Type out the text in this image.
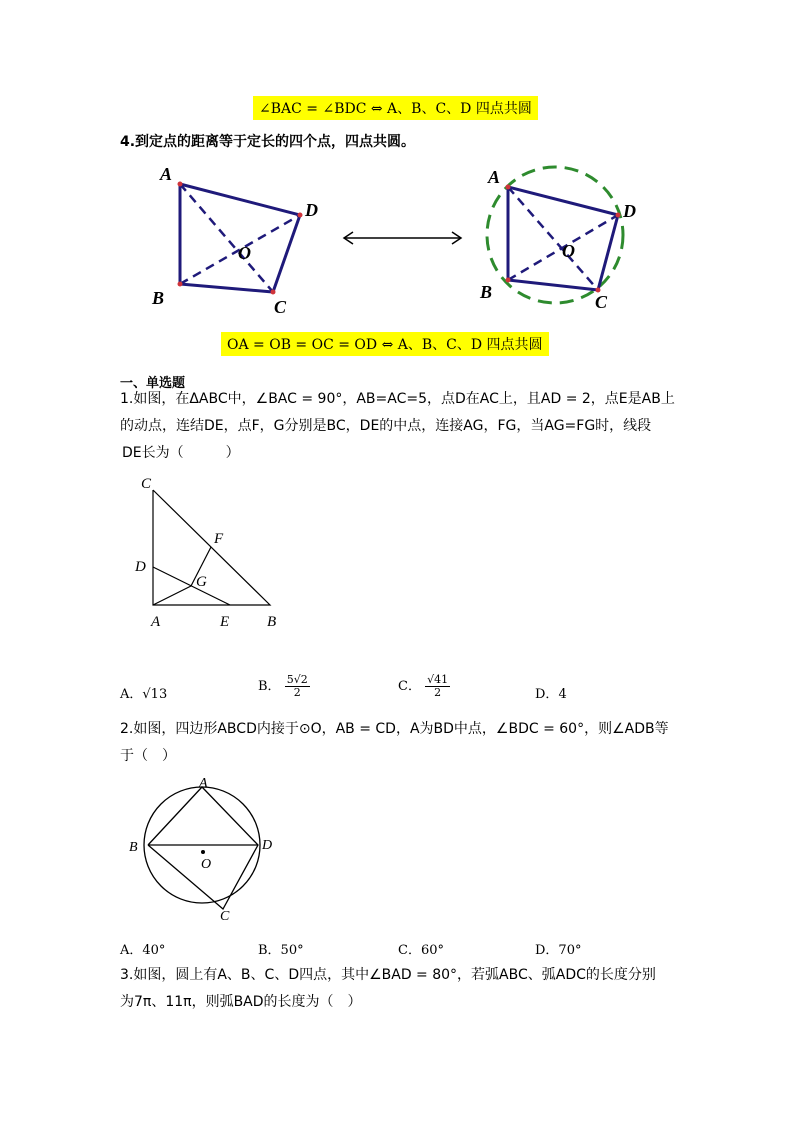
∠BAC = ∠BDC ⇔ A、B、C、D 四点共圆
4.到定点的距离等于定长的四个点，四点共圆。
A
D
O
B	C
A
D
O
B	C
OA = OB = OC = OD ⇔ A、B、C、D 四点共圆
一、单选题
1.如图，在ΔABC中，∠BAC = 90°，AB=AC=5，点D在AC上，且AD = 2，点E是AB上
的动点，连结DE，点F，G分别是BC，DE的中点，连接AG，FG，当AG=FG时，线段
DE长为（　　　）
C
F
D
G
A	E	B
A．√13
B． $\frac{5√2}{2}$	C． $\frac{√41}{2}$	D．4
2.如图，四边形ABCD内接于⊙O，AB = CD，A为BD中点，∠BDC = 60°，则∠ADB等
于（　）
A
B	D
O
C
A．40°	B．50°	C．60°	D．70°
3.如图，圆上有A、B、C、D四点，其中∠BAD = 80°，若弧ABC、弧ADC的长度分别
为7π、11π，则弧BAD的长度为（　）
